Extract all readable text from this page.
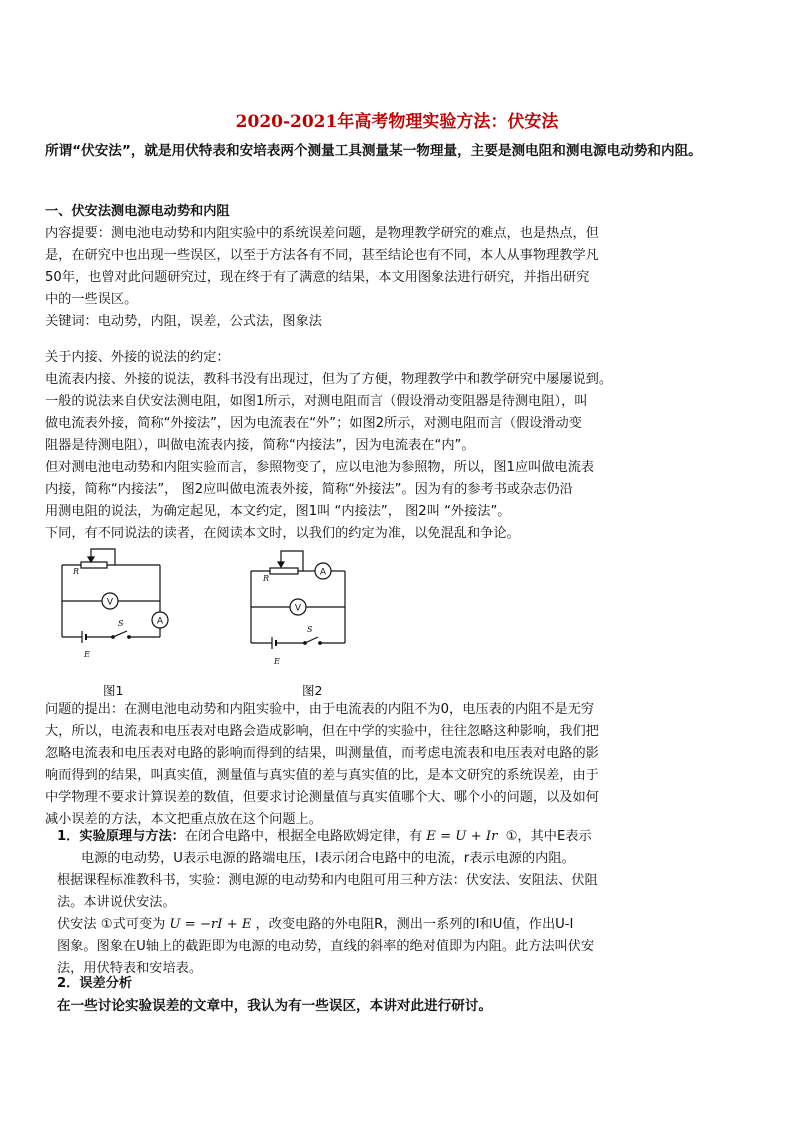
2020-2021年高考物理实验方法：伏安法
所谓“伏安法”，就是用伏特表和安培表两个测量工具测量某一物理量，主要是测电阻和测电源电动势和内阻。
一、伏安法测电源电动势和内阻
内容提要：测电池电动势和内阻实验中的系统误差问题，是物理教学研究的难点，也是热点，但
是，在研究中也出现一些误区，以至于方法各有不同，甚至结论也有不同，本人从事物理教学凡
50年，也曾对此问题研究过，现在终于有了满意的结果，本文用图象法进行研究，并指出研究
中的一些误区。
关键词：电动势，内阻，误差，公式法，图象法
关于内接、外接的说法的约定：
电流表内接、外接的说法，教科书没有出现过，但为了方便，物理教学中和教学研究中屡屡说到。
一般的说法来自伏安法测电阻，如图1所示，对测电阻而言（假设滑动变阻器是待测电阻），叫
做电流表外接，简称“外接法”，因为电流表在“外”；如图2所示，对测电阻而言（假设滑动变
阻器是待测电阻），叫做电流表内接，简称“内接法”，因为电流表在“内”。
但对测电池电动势和内阻实验而言，参照物变了，应以电池为参照物，所以，图1应叫做电流表
内接，简称“内接法”， 图2应叫做电流表外接，简称“外接法”。因为有的参考书或杂志仍沿
用测电阻的说法，为确定起见，本文约定，图1叫 “内接法”， 图2叫 “外接法”。
下同，有不同说法的读者，在阅读本文时，以我们的约定为准，以免混乱和争论。
R
S
E
V
A
图1
R
S
E
V
A
图2
问题的提出：在测电池电动势和内阻实验中，由于电流表的内阻不为0，电压表的内阻不是无穷
大，所以，电流表和电压表对电路会造成影响，但在中学的实验中，往往忽略这种影响，我们把
忽略电流表和电压表对电路的影响而得到的结果，叫测量值，而考虑电流表和电压表对电路的影
响而得到的结果，叫真实值，测量值与真实值的差与真实值的比，是本文研究的系统误差，由于
中学物理不要求计算误差的数值，但要求讨论测量值与真实值哪个大、哪个小的问题，以及如何
减小误差的方法，本文把重点放在这个问题上。
1．实验原理与方法：在闭合电路中，根据全电路欧姆定律，有 E = U + Ir ①，其中E表示
电源的电动势，U表示电源的路端电压，I表示闭合电路中的电流，r表示电源的内阻。
根据课程标准教科书，实验：测电源的电动势和内电阻可用三种方法：伏安法、安阻法、伏阻
法。本讲说伏安法。
伏安法 ①式可变为 U = −rI + E ，改变电路的外电阻R，测出一系列的I和U值，作出U-I
图象。图象在U轴上的截距即为电源的电动势，直线的斜率的绝对值即为内阻。此方法叫伏安
法，用伏特表和安培表。
2．误差分析
在一些讨论实验误差的文章中，我认为有一些误区，本讲对此进行研讨。
